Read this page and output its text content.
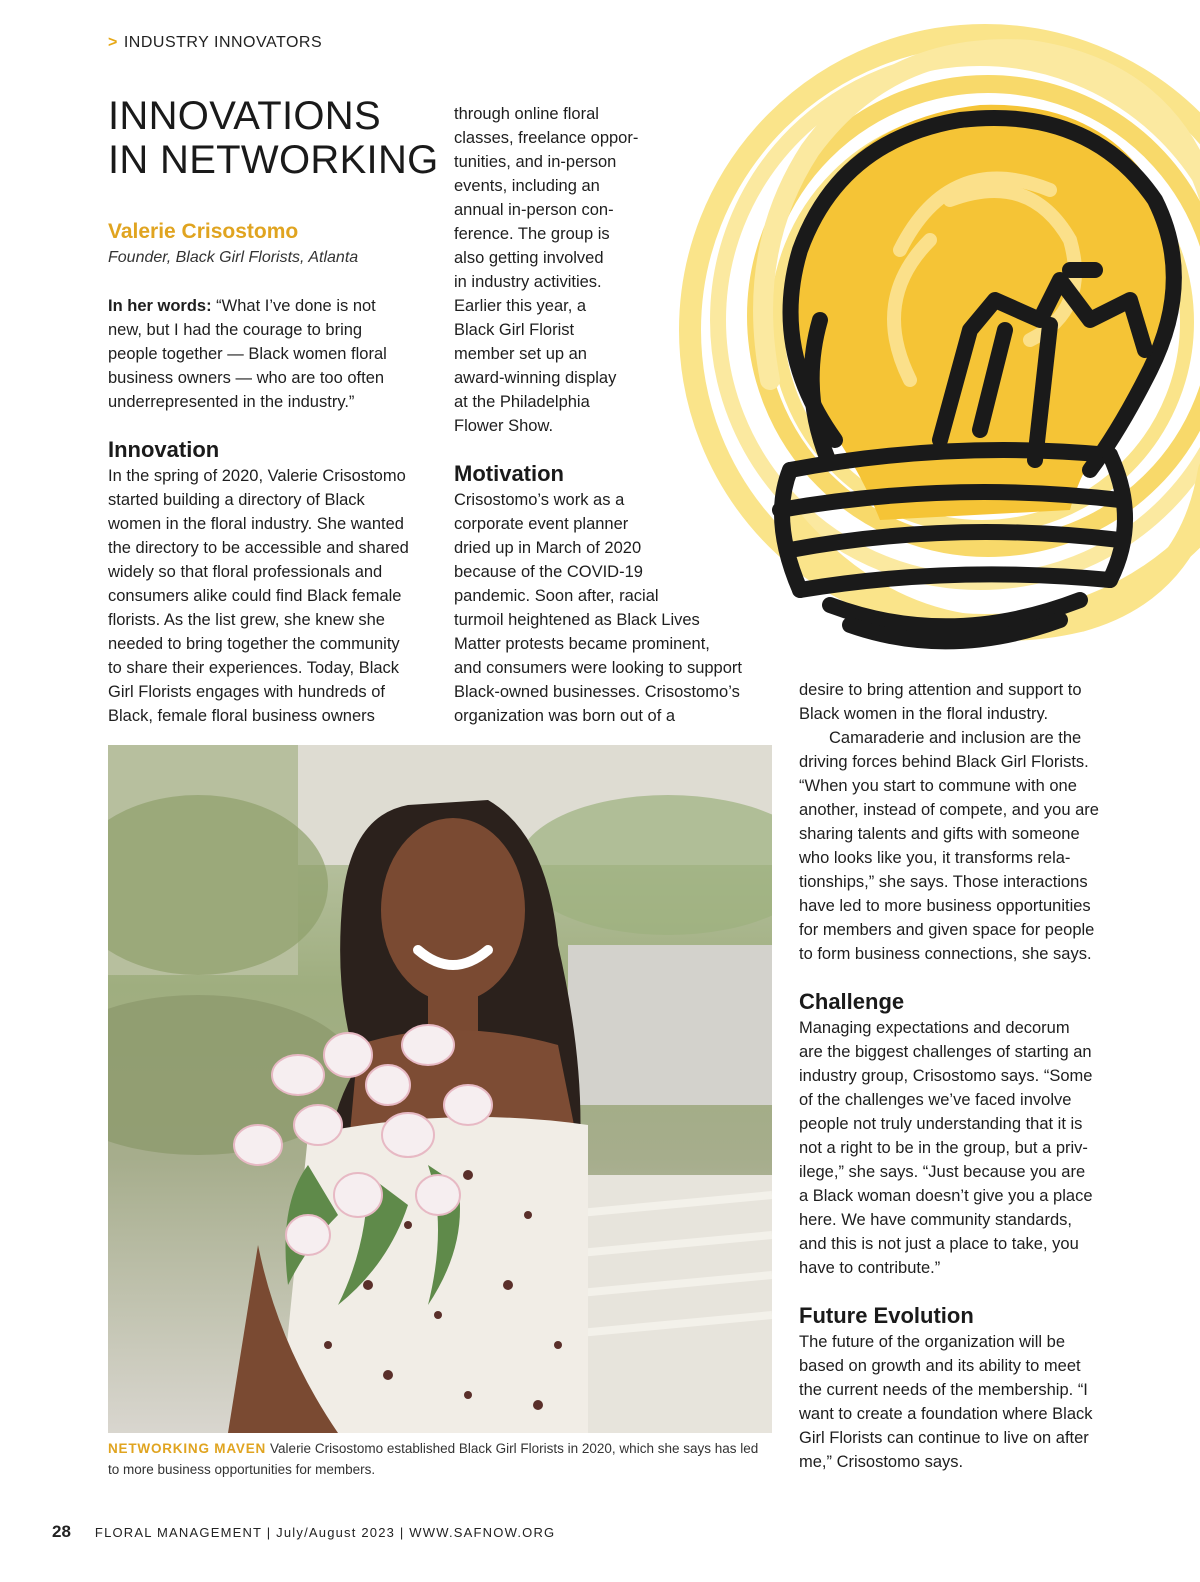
> INDUSTRY INNOVATORS
INNOVATIONS
IN NETWORKING
Valerie Crisostomo
Founder, Black Girl Florists, Atlanta

In her words: “What I’ve done is not
new, but I had the courage to bring
people together — Black women floral
business owners — who are too often
underrepresented in the industry.”

Innovation

In the spring of 2020, Valerie Crisostomo
started building a directory of Black
women in the floral industry. She wanted
the directory to be accessible and shared
widely so that floral professionals and
consumers alike could find Black female
florists. As the list grew, she knew she
needed to bring together the community
to share their experiences. Today, Black
Girl Florists engages with hundreds of
Black, female floral business owners

through online floral
classes, freelance oppor-
tunities, and in-person
events, including an
annual in-person con-
ference. The group is
also getting involved
in industry activities.
Earlier this year, a
Black Girl Florist
member set up an
award-winning display
at the Philadelphia
Flower Show.

Motivation

Crisostomo’s work as a
corporate event planner
dried up in March of 2020
because of the COVID-19
pandemic. Soon after, racial
turmoil heightened as Black Lives
Matter protests became prominent,
and consumers were looking to support
Black-owned businesses. Crisostomo’s
organization was born out of a

NETWORKING MAVEN Valerie Crisostomo established Black Girl Florists in 2020, which she says has led to more business opportunities for members.

desire to bring attention and support to
Black women in the floral industry.

Camaraderie and inclusion are the
driving forces behind Black Girl Florists.
“When you start to commune with one
another, instead of compete, and you are
sharing talents and gifts with someone
who looks like you, it transforms rela-
tionships,” she says. Those interactions
have led to more business opportunities
for members and given space for people
to form business connections, she says.

Challenge

Managing expectations and decorum
are the biggest challenges of starting an
industry group, Crisostomo says. “Some
of the challenges we’ve faced involve
people not truly understanding that it is
not a right to be in the group, but a priv-
ilege,” she says. “Just because you are
a Black woman doesn’t give you a place
here. We have community standards,
and this is not just a place to take, you
have to contribute.”

Future Evolution

The future of the organization will be
based on growth and its ability to meet
the current needs of the membership. “I
want to create a foundation where Black
Girl Florists can continue to live on after
me,” Crisostomo says.

28 FLORAL MANAGEMENT | July/August 2023 | WWW.SAFNOW.ORG
